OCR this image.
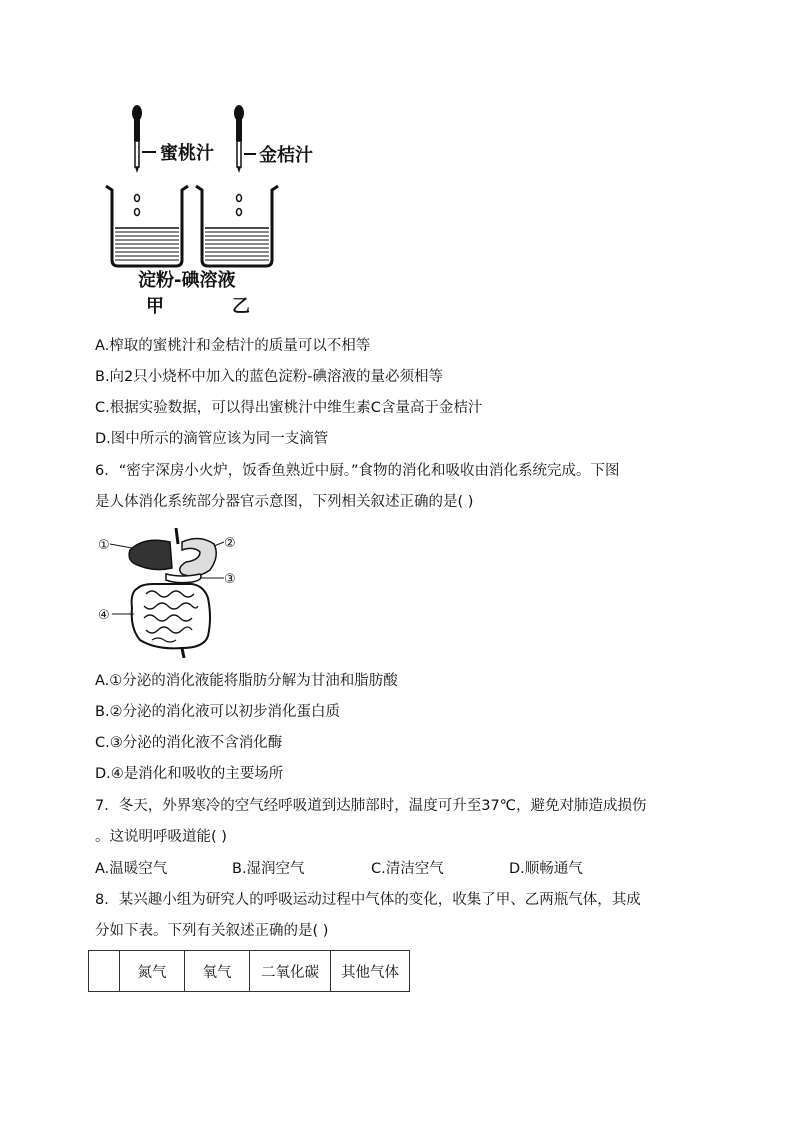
蜜桃汁	金桔汁
淀粉-碘溶液
甲	乙
A.榨取的蜜桃汁和金桔汁的质量可以不相等
B.向2只小烧杯中加入的蓝色淀粉-碘溶液的量必须相等
C.根据实验数据，可以得出蜜桃汁中维生素C含量高于金桔汁
D.图中所示的滴管应该为同一支滴管
6．“密宇深房小火炉，饭香鱼熟近中厨。”食物的消化和吸收由消化系统完成。下图
是人体消化系统部分器官示意图，下列相关叙述正确的是( )
①	②
③
④
A.①分泌的消化液能将脂肪分解为甘油和脂肪酸
B.②分泌的消化液可以初步消化蛋白质
C.③分泌的消化液不含消化酶
D.④是消化和吸收的主要场所
7．冬天，外界寒冷的空气经呼吸道到达肺部时，温度可升至37℃，避免对肺造成损伤
。这说明呼吸道能( )
A.温暖空气	B.湿润空气	C.清洁空气	D.顺畅通气
8．某兴趣小组为研究人的呼吸运动过程中气体的变化，收集了甲、乙两瓶气体，其成
分如下表。下列有关叙述正确的是( )
	氮气	氧气	二氧化碳	其他气体
